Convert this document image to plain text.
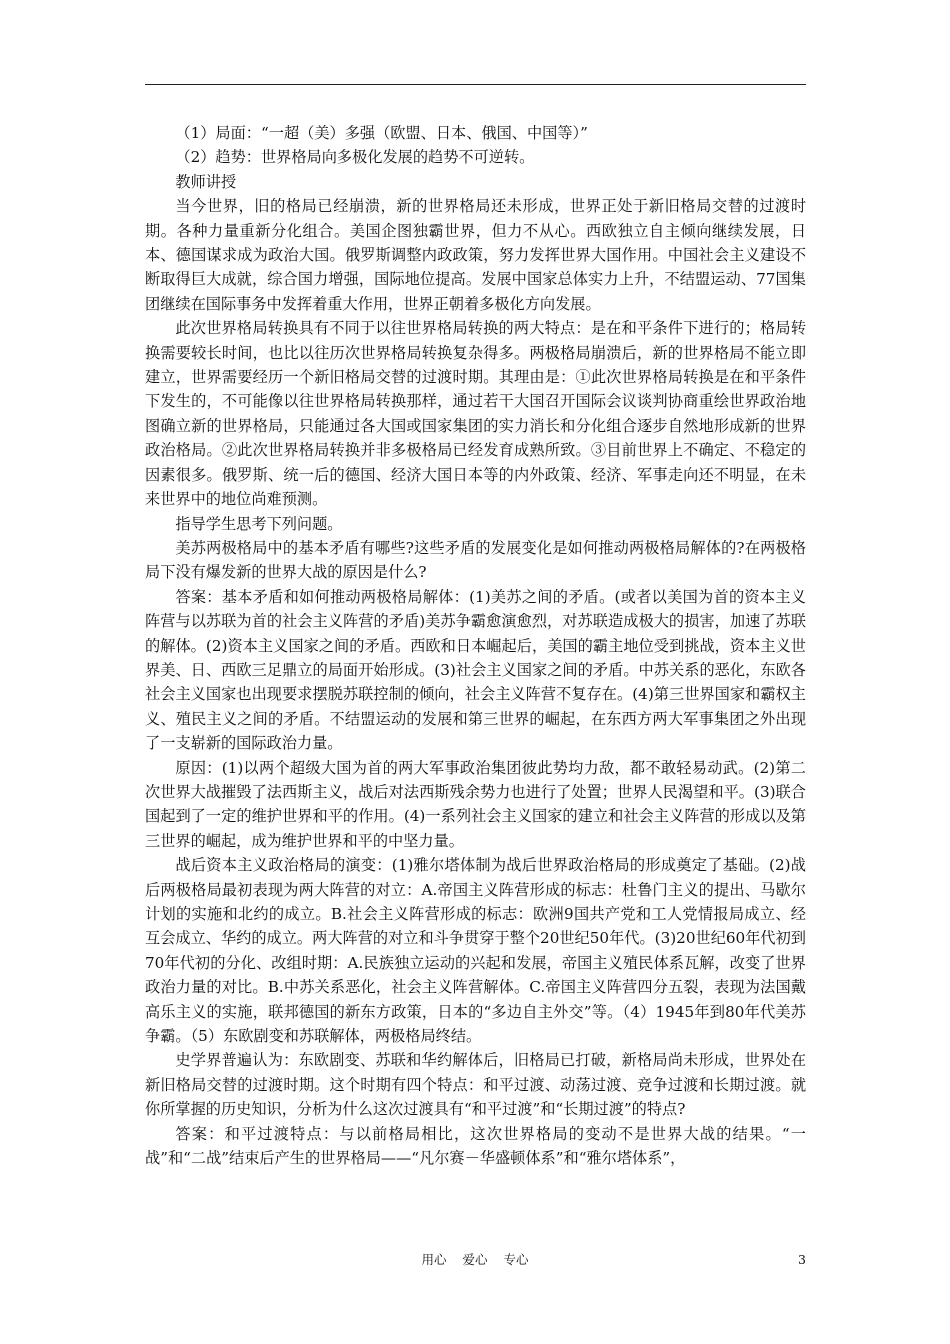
（1）局面：“一超（美）多强（欧盟、日本、俄国、中国等）”

（2）趋势：世界格局向多极化发展的趋势不可逆转。

教师讲授

当今世界，旧的格局已经崩溃，新的世界格局还未形成，世界正处于新旧格局交替的过渡时期。各种力量重新分化组合。美国企图独霸世界，但力不从心。西欧独立自主倾向继续发展，日本、德国谋求成为政治大国。俄罗斯调整内政政策，努力发挥世界大国作用。中国社会主义建设不断取得巨大成就，综合国力增强，国际地位提高。发展中国家总体实力上升，不结盟运动、77国集团继续在国际事务中发挥着重大作用，世界正朝着多极化方向发展。

此次世界格局转换具有不同于以往世界格局转换的两大特点：是在和平条件下进行的；格局转换需要较长时间，也比以往历次世界格局转换复杂得多。两极格局崩溃后，新的世界格局不能立即建立，世界需要经历一个新旧格局交替的过渡时期。其理由是：①此次世界格局转换是在和平条件下发生的，不可能像以往世界格局转换那样，通过若干大国召开国际会议谈判协商重绘世界政治地图确立新的世界格局，只能通过各大国或国家集团的实力消长和分化组合逐步自然地形成新的世界政治格局。②此次世界格局转换并非多极格局已经发育成熟所致。③目前世界上不确定、不稳定的因素很多。俄罗斯、统一后的德国、经济大国日本等的内外政策、经济、军事走向还不明显，在未来世界中的地位尚难预测。

指导学生思考下列问题。

美苏两极格局中的基本矛盾有哪些?这些矛盾的发展变化是如何推动两极格局解体的?在两极格局下没有爆发新的世界大战的原因是什么?

答案：基本矛盾和如何推动两极格局解体：(1)美苏之间的矛盾。(或者以美国为首的资本主义阵营与以苏联为首的社会主义阵营的矛盾)美苏争霸愈演愈烈，对苏联造成极大的损害，加速了苏联的解体。(2)资本主义国家之间的矛盾。西欧和日本崛起后，美国的霸主地位受到挑战，资本主义世界美、日、西欧三足鼎立的局面开始形成。(3)社会主义国家之间的矛盾。中苏关系的恶化，东欧各社会主义国家也出现要求摆脱苏联控制的倾向，社会主义阵营不复存在。(4)第三世界国家和霸权主义、殖民主义之间的矛盾。不结盟运动的发展和第三世界的崛起，在东西方两大军事集团之外出现了一支崭新的国际政治力量。

原因：(1)以两个超级大国为首的两大军事政治集团彼此势均力敌，都不敢轻易动武。(2)第二次世界大战摧毁了法西斯主义，战后对法西斯残余势力也进行了处置；世界人民渴望和平。(3)联合国起到了一定的维护世界和平的作用。(4)一系列社会主义国家的建立和社会主义阵营的形成以及第三世界的崛起，成为维护世界和平的中坚力量。

战后资本主义政治格局的演变：(1)雅尔塔体制为战后世界政治格局的形成奠定了基础。(2)战后两极格局最初表现为两大阵营的对立：A.帝国主义阵营形成的标志：杜鲁门主义的提出、马歇尔计划的实施和北约的成立。B.社会主义阵营形成的标志：欧洲9国共产党和工人党情报局成立、经互会成立、华约的成立。两大阵营的对立和斗争贯穿于整个20世纪50年代。(3)20世纪60年代初到70年代初的分化、改组时期：A.民族独立运动的兴起和发展，帝国主义殖民体系瓦解，改变了世界政治力量的对比。B.中苏关系恶化，社会主义阵营解体。C.帝国主义阵营四分五裂，表现为法国戴高乐主义的实施，联邦德国的新东方政策，日本的“多边自主外交”等。（4）1945年到80年代美苏争霸。（5）东欧剧变和苏联解体，两极格局终结。

史学界普遍认为：东欧剧变、苏联和华约解体后，旧格局已打破，新格局尚未形成，世界处在新旧格局交替的过渡时期。这个时期有四个特点：和平过渡、动荡过渡、竞争过渡和长期过渡。就你所掌握的历史知识，分析为什么这次过渡具有“和平过渡”和“长期过渡”的特点?

答案：和平过渡特点：与以前格局相比，这次世界格局的变动不是世界大战的结果。“一战”和“二战”结束后产生的世界格局——“凡尔赛－华盛顿体系”和“雅尔塔体系”，

用心 爱心 专心	3
